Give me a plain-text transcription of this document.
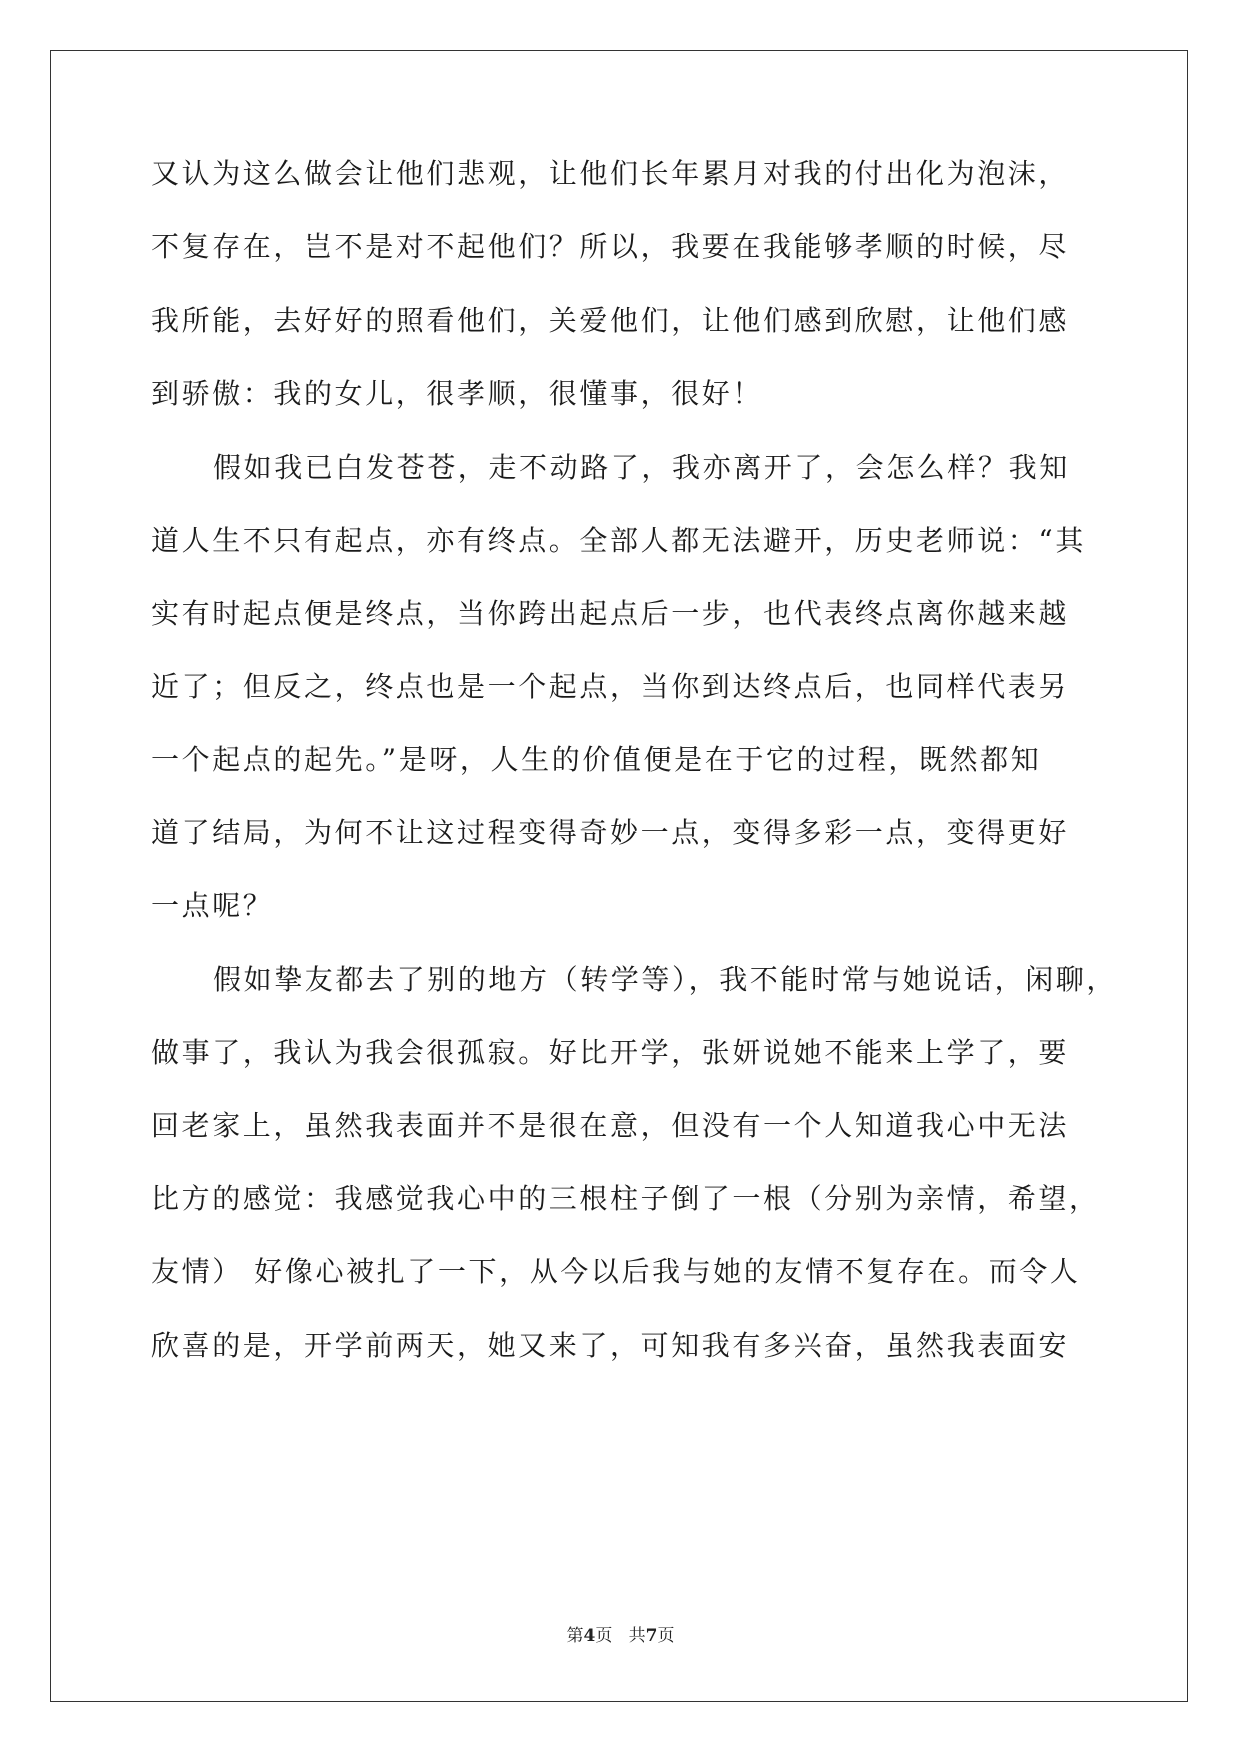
又认为这么做会让他们悲观，让他们长年累月对我的付出化为泡沫，
不复存在，岂不是对不起他们？所以，我要在我能够孝顺的时候，尽
我所能，去好好的照看他们，关爱他们，让他们感到欣慰，让他们感
到骄傲：我的女儿，很孝顺，很懂事，很好！
假如我已白发苍苍，走不动路了，我亦离开了，会怎么样？我知
道人生不只有起点，亦有终点。全部人都无法避开，历史老师说：“其
实有时起点便是终点，当你跨出起点后一步，也代表终点离你越来越
近了；但反之，终点也是一个起点，当你到达终点后，也同样代表另
一个起点的起先。”是呀，人生的价值便是在于它的过程，既然都知
道了结局，为何不让这过程变得奇妙一点，变得多彩一点，变得更好
一点呢？
假如挚友都去了别的地方（转学等），我不能时常与她说话，闲聊，
做事了，我认为我会很孤寂。好比开学，张妍说她不能来上学了，要
回老家上，虽然我表面并不是很在意，但没有一个人知道我心中无法
比方的感觉：我感觉我心中的三根柱子倒了一根（分别为亲情，希望，
友情） 好像心被扎了一下，从今以后我与她的友情不复存在。而令人
欣喜的是，开学前两天，她又来了，可知我有多兴奋，虽然我表面安
第4页 共7页
